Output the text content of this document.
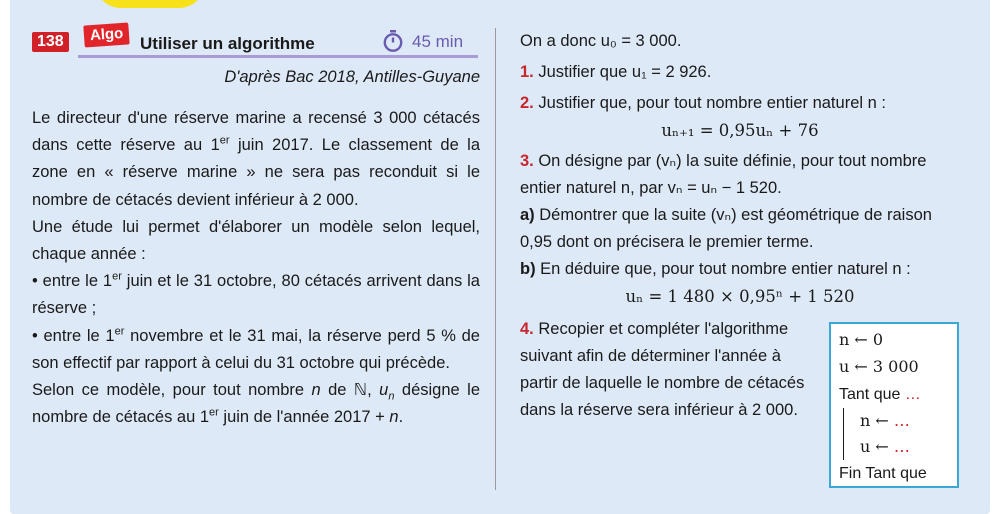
138	Algo Utiliser un algorithme	45 min
D'après Bac 2018, Antilles-Guyane

Le directeur d'une réserve marine a recensé 3 000 cétacés dans cette réserve au 1er juin 2017. Le classement de la zone en « réserve marine » ne sera pas reconduit si le nombre de cétacés devient inférieur à 2 000.

Une étude lui permet d'élaborer un modèle selon lequel, chaque année :

• entre le 1er juin et le 31 octobre, 80 cétacés arrivent dans la réserve ;

• entre le 1er novembre et le 31 mai, la réserve perd 5 % de son effectif par rapport à celui du 31 octobre qui précède.

Selon ce modèle, pour tout nombre n de ℕ, $u_n$ désigne le nombre de cétacés au 1er juin de l'année 2017 + n.

On a donc u₀ = 3 000.
1. Justifier que u₁ = 2 926.
2. Justifier que, pour tout nombre entier naturel n :
uₙ₊₁ = 0,95uₙ + 76
3. On désigne par (vₙ) la suite définie, pour tout nombre entier naturel n, par vₙ = uₙ − 1 520.
a) Démontrer que la suite (vₙ) est géométrique de raison 0,95 dont on précisera le premier terme.
b) En déduire que, pour tout nombre entier naturel n :
uₙ = 1 480 × 0,95ⁿ + 1 520
4. Recopier et compléter l'algorithme suivant afin de déterminer l'année à partir de laquelle le nombre de cétacés dans la réserve sera inférieur à 2 000.
n ← 0
u ← 3 000
Tant que …
n ← …
u ← …
Fin Tant que
